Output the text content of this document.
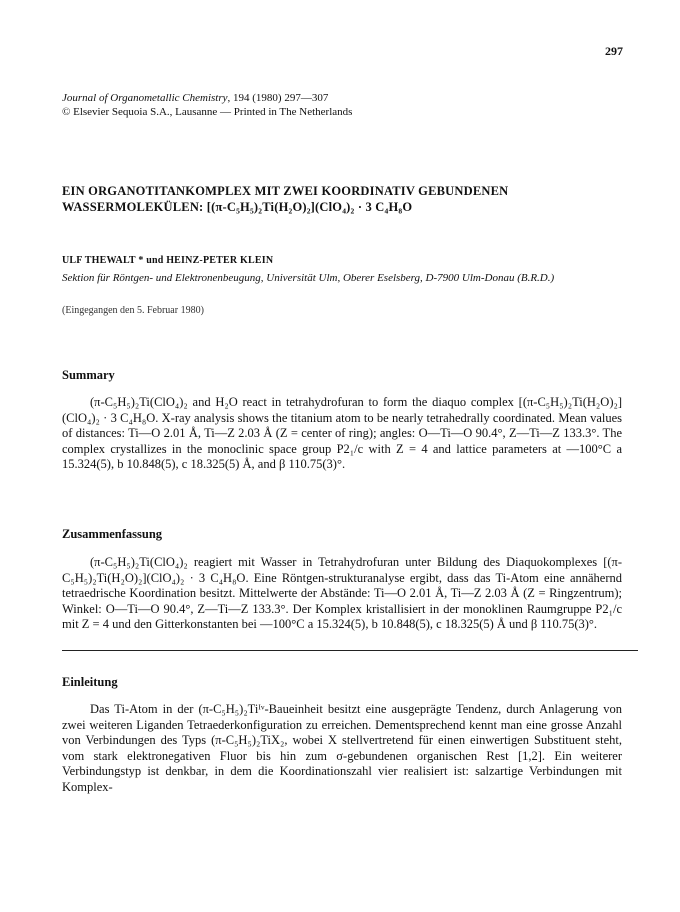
297
Journal of Organometallic Chemistry, 194 (1980) 297—307
© Elsevier Sequoia S.A., Lausanne — Printed in The Netherlands
EIN ORGANOTITANKOMPLEX MIT ZWEI KOORDINATIV GEBUNDENEN WASSERMOLEKÜLEN: [(π-C₅H₅)₂Ti(H₂O)₂](ClO₄)₂ · 3 C₄H₈O
ULF THEWALT * und HEINZ-PETER KLEIN
Sektion für Röntgen- und Elektronenbeugung, Universität Ulm, Oberer Eselsberg, D-7900 Ulm-Donau (B.R.D.)
(Eingegangen den 5. Februar 1980)
Summary

(π-C₅H₅)₂Ti(ClO₄)₂ and H₂O react in tetrahydrofuran to form the diaquo complex [(π-C₅H₅)₂Ti(H₂O)₂](ClO₄)₂ · 3 C₄H₈O. X-ray analysis shows the titanium atom to be nearly tetrahedrally coordinated. Mean values of distances: Ti—O 2.01 Å, Ti—Z 2.03 Å (Z = center of ring); angles: O—Ti—O 90.4°, Z—Ti—Z 133.3°. The complex crystallizes in the monoclinic space group P2₁/c with Z = 4 and lattice parameters at —100°C a 15.324(5), b 10.848(5), c 18.325(5) Å, and β 110.75(3)°.

Zusammenfassung

(π-C₅H₅)₂Ti(ClO₄)₂ reagiert mit Wasser in Tetrahydrofuran unter Bildung des Diaquokomplexes [(π-C₅H₅)₂Ti(H₂O)₂](ClO₄)₂ · 3 C₄H₈O. Eine Röntgen-strukturanalyse ergibt, dass das Ti-Atom eine annähernd tetraedrische Koordination besitzt. Mittelwerte der Abstände: Ti—O 2.01 Å, Ti—Z 2.03 Å (Z = Ringzentrum); Winkel: O—Ti—O 90.4°, Z—Ti—Z 133.3°. Der Komplex kristallisiert in der monoklinen Raumgruppe P2₁/c mit Z = 4 und den Gitterkonstanten bei —100°C a 15.324(5), b 10.848(5), c 18.325(5) Å und β 110.75(3)°.

Einleitung

Das Ti-Atom in der (π-C₅H₅)₂Tiᴵᵛ-Baueinheit besitzt eine ausgeprägte Tendenz, durch Anlagerung von zwei weiteren Liganden Tetraederkonfiguration zu erreichen. Dementsprechend kennt man eine grosse Anzahl von Verbindungen des Typs (π-C₅H₅)₂TiX₂, wobei X stellvertretend für einen einwertigen Substituent steht, vom stark elektronegativen Fluor bis hin zum σ-gebundenen organischen Rest [1,2]. Ein weiterer Verbindungstyp ist denkbar, in dem die Koordinationszahl vier realisiert ist: salzartige Verbindungen mit Komplex-
